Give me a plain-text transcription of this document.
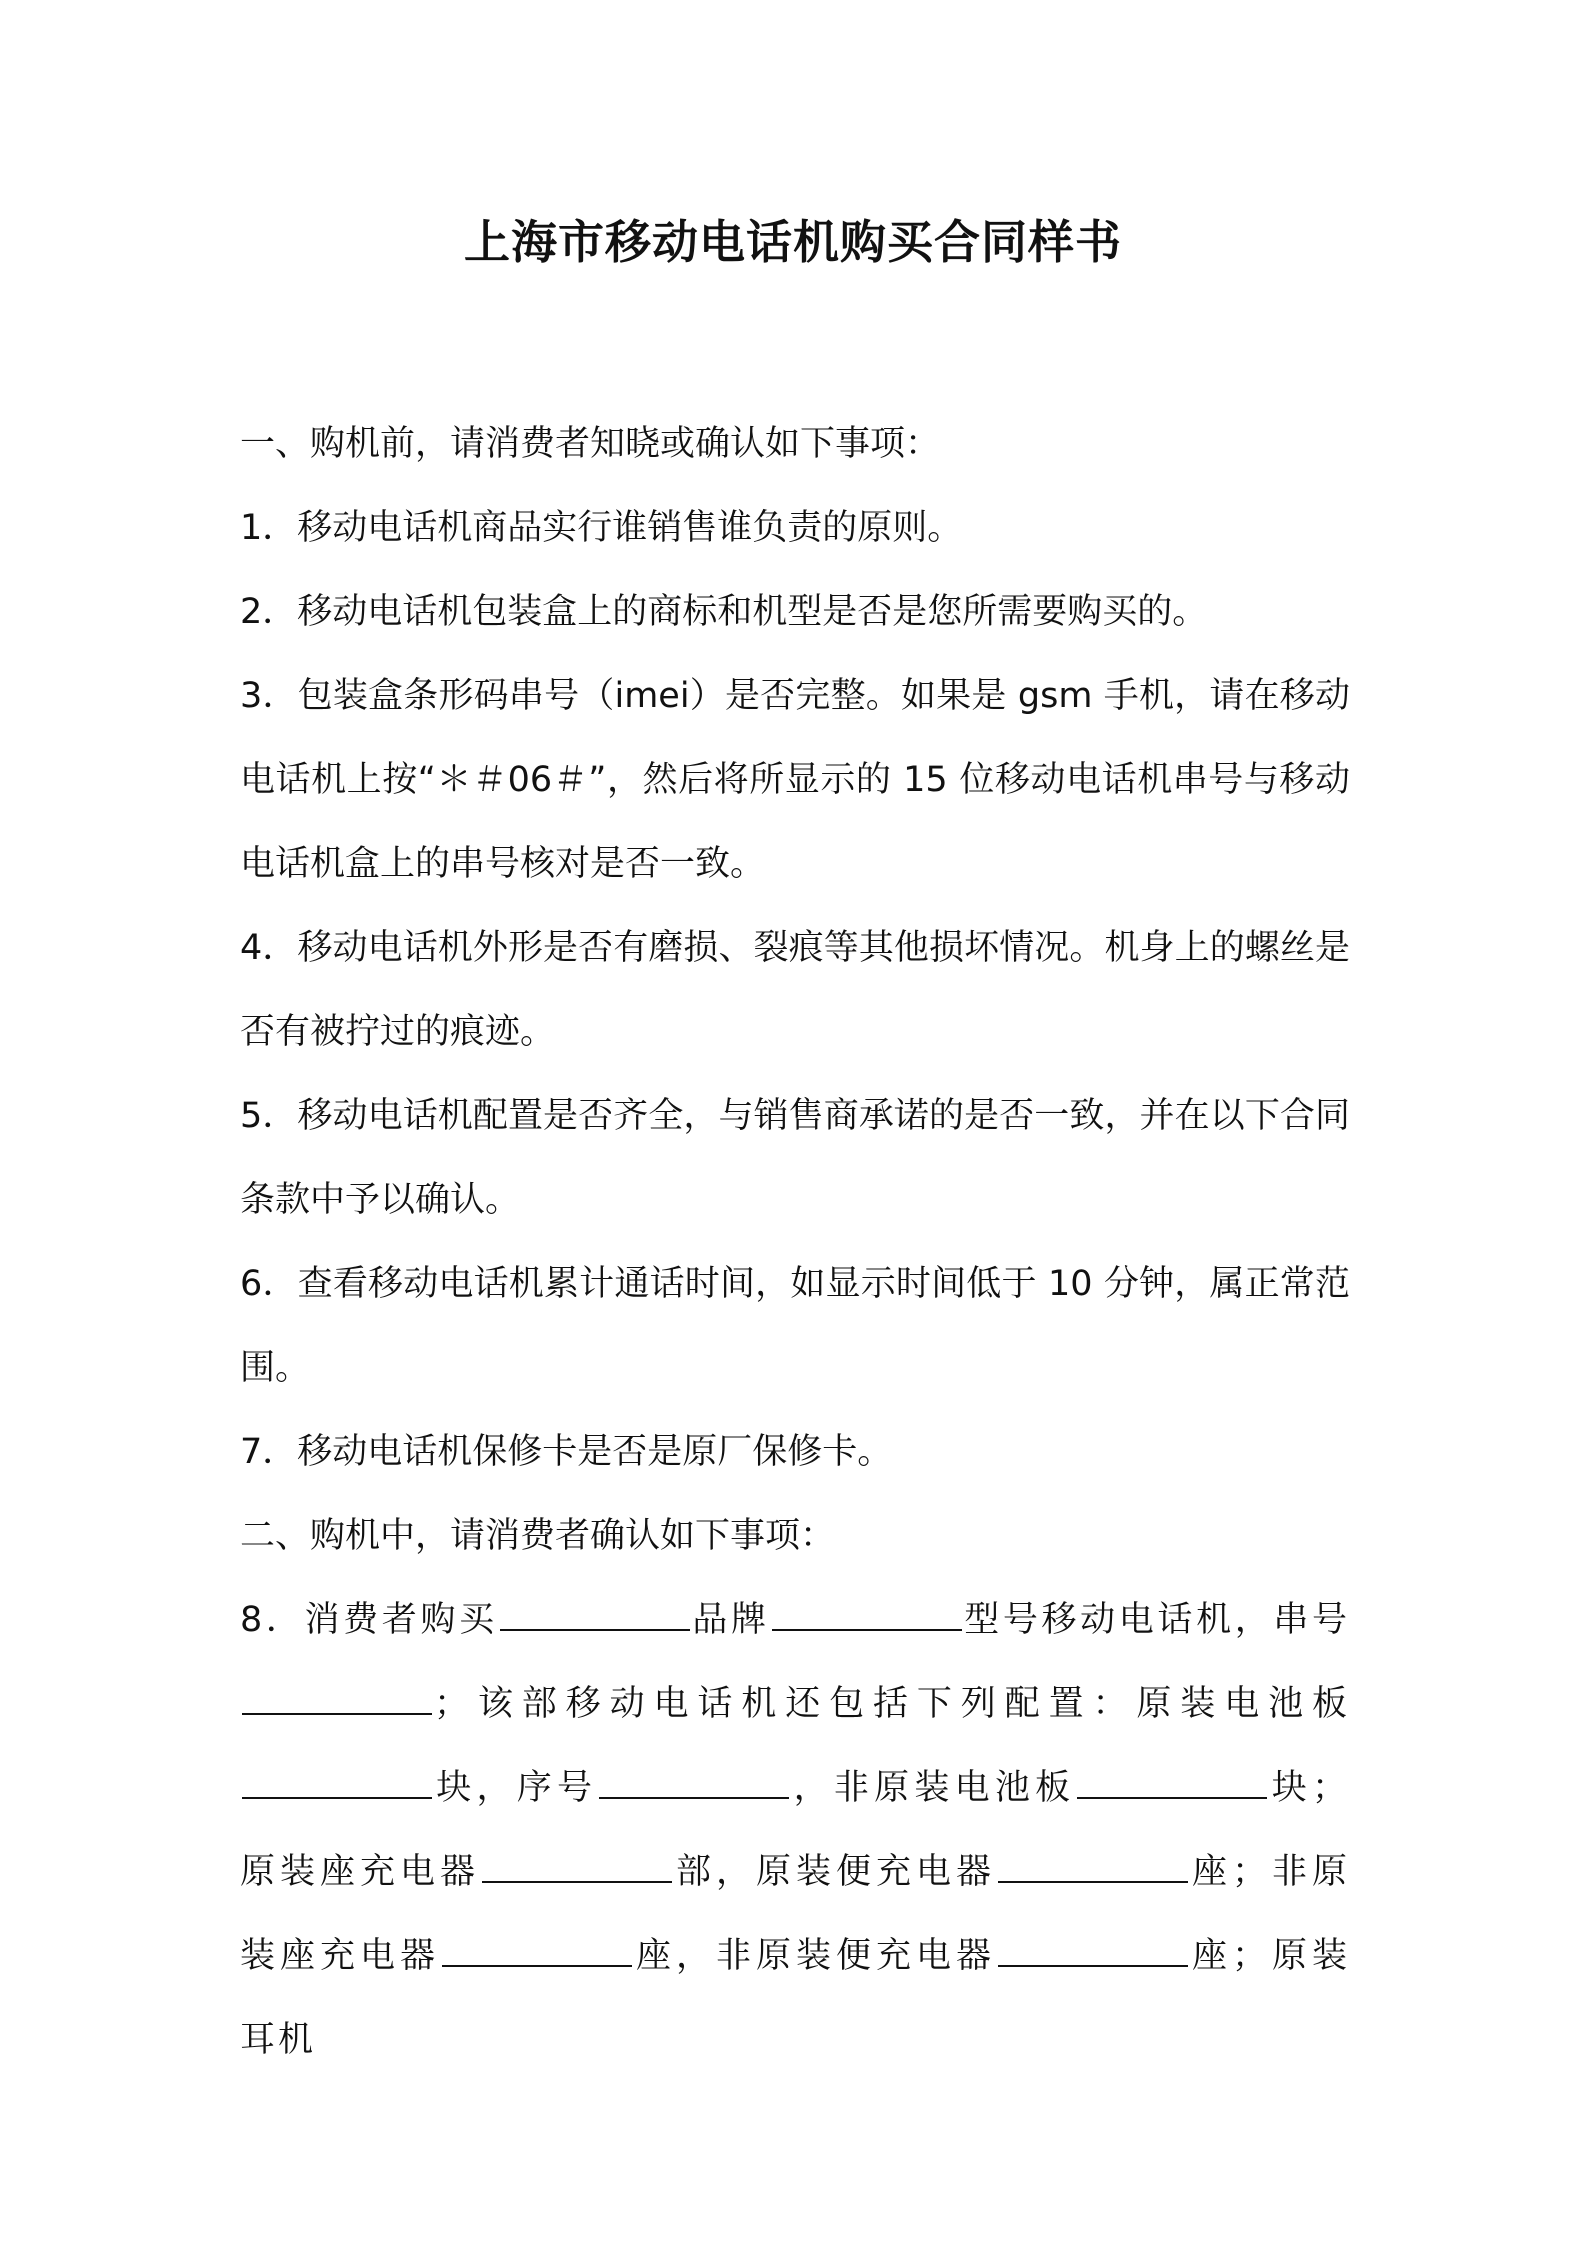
上海市移动电话机购买合同样书

一、购机前，请消费者知晓或确认如下事项：

1．移动电话机商品实行谁销售谁负责的原则。

2．移动电话机包装盒上的商标和机型是否是您所需要购买的。

3．包装盒条形码串号（imei）是否完整。如果是 gsm 手机，请在移动电话机上按“＊＃06＃”，然后将所显示的 15 位移动电话机串号与移动电话机盒上的串号核对是否一致。

4．移动电话机外形是否有磨损、裂痕等其他损坏情况。机身上的螺丝是否有被拧过的痕迹。

5．移动电话机配置是否齐全，与销售商承诺的是否一致，并在以下合同条款中予以确认。

6．查看移动电话机累计通话时间，如显示时间低于 10 分钟，属正常范围。

7．移动电话机保修卡是否是原厂保修卡。

二、购机中，请消费者确认如下事项：

8．消费者购买	品牌	型号移动电话机，串号；该部移动电话机还包括下列配置：原装电池板块，序号	，非原装电池板	块；原装座充电器	部，原装便充电器	座；非原装座充电器	座，非原装便充电器	座；原装耳机
